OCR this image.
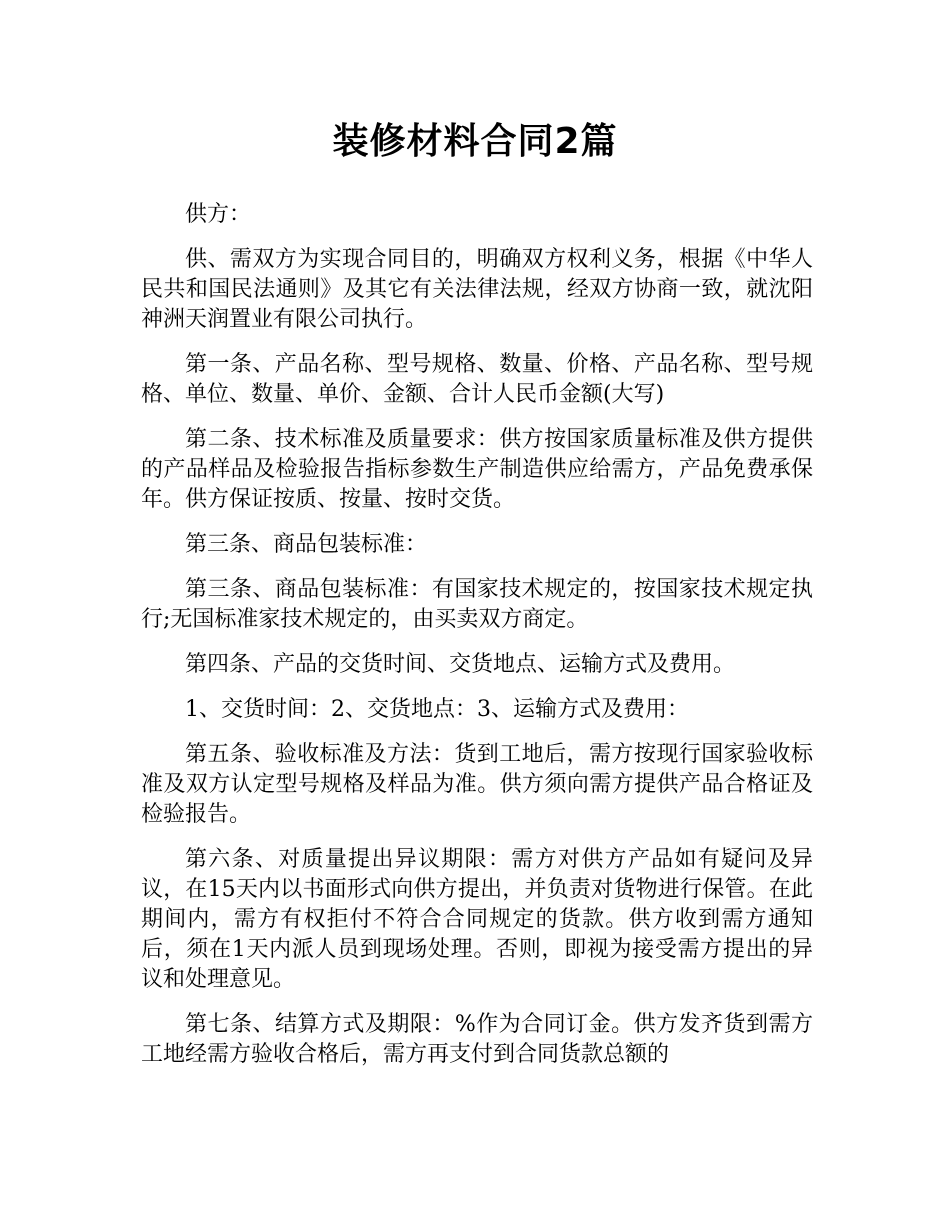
装修材料合同2篇

供方：

供、需双方为实现合同目的，明确双方权利义务，根据《中华人民共和国民法通则》及其它有关法律法规，经双方协商一致，就沈阳神洲天润置业有限公司执行。

第一条、产品名称、型号规格、数量、价格、产品名称、型号规格、单位、数量、单价、金额、合计人民币金额(大写)

第二条、技术标准及质量要求：供方按国家质量标准及供方提供的产品样品及检验报告指标参数生产制造供应给需方，产品免费承保年。供方保证按质、按量、按时交货。

第三条、商品包装标准：

第三条、商品包装标准：有国家技术规定的，按国家技术规定执行;无国标准家技术规定的，由买卖双方商定。

第四条、产品的交货时间、交货地点、运输方式及费用。

1、交货时间：2、交货地点：3、运输方式及费用：

第五条、验收标准及方法：货到工地后，需方按现行国家验收标准及双方认定型号规格及样品为准。供方须向需方提供产品合格证及检验报告。

第六条、对质量提出异议期限：需方对供方产品如有疑问及异议，在15天内以书面形式向供方提出，并负责对货物进行保管。在此期间内，需方有权拒付不符合合同规定的货款。供方收到需方通知后，须在1天内派人员到现场处理。否则，即视为接受需方提出的异议和处理意见。

第七条、结算方式及期限：%作为合同订金。供方发齐货到需方工地经需方验收合格后，需方再支付到合同货款总额的
